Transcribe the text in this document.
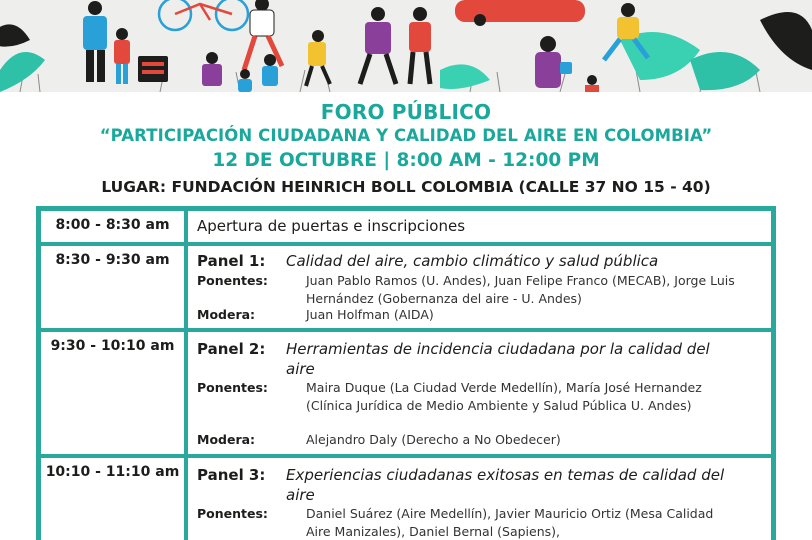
FORO PÚBLICO
“PARTICIPACIÓN CIUDADANA Y CALIDAD DEL AIRE EN COLOMBIA”
12 DE OCTUBRE | 8:00 AM - 12:00 PM
LUGAR: FUNDACIÓN HEINRICH BOLL COLOMBIA (CALLE 37 NO 15 - 40)
8:00 - 8:30 am	Apertura de puertas e inscripciones
8:30 - 9:30 am	Panel 1: Calidad del aire, cambio climático y salud pública
Ponentes:	Juan Pablo Ramos (U. Andes), Juan Felipe Franco (MECAB), Jorge Luis Hernández (Gobernanza del aire - U. Andes)
Modera:	Juan Holfman (AIDA)
9:30 - 10:10 am	Panel 2: Herramientas de incidencia ciudadana por la calidad del aire
Ponentes:	Maira Duque (La Ciudad Verde Medellín), María José Hernandez (Clínica Jurídica de Medio Ambiente y Salud Pública U. Andes)
Modera:	Alejandro Daly (Derecho a No Obedecer)
10:10 - 11:10 am	Panel 3: Experiencias ciudadanas exitosas en temas de calidad del aire
Ponentes:	Daniel Suárez (Aire Medellín), Javier Mauricio Ortiz (Mesa Calidad Aire Manizales), Daniel Bernal (Sapiens),
